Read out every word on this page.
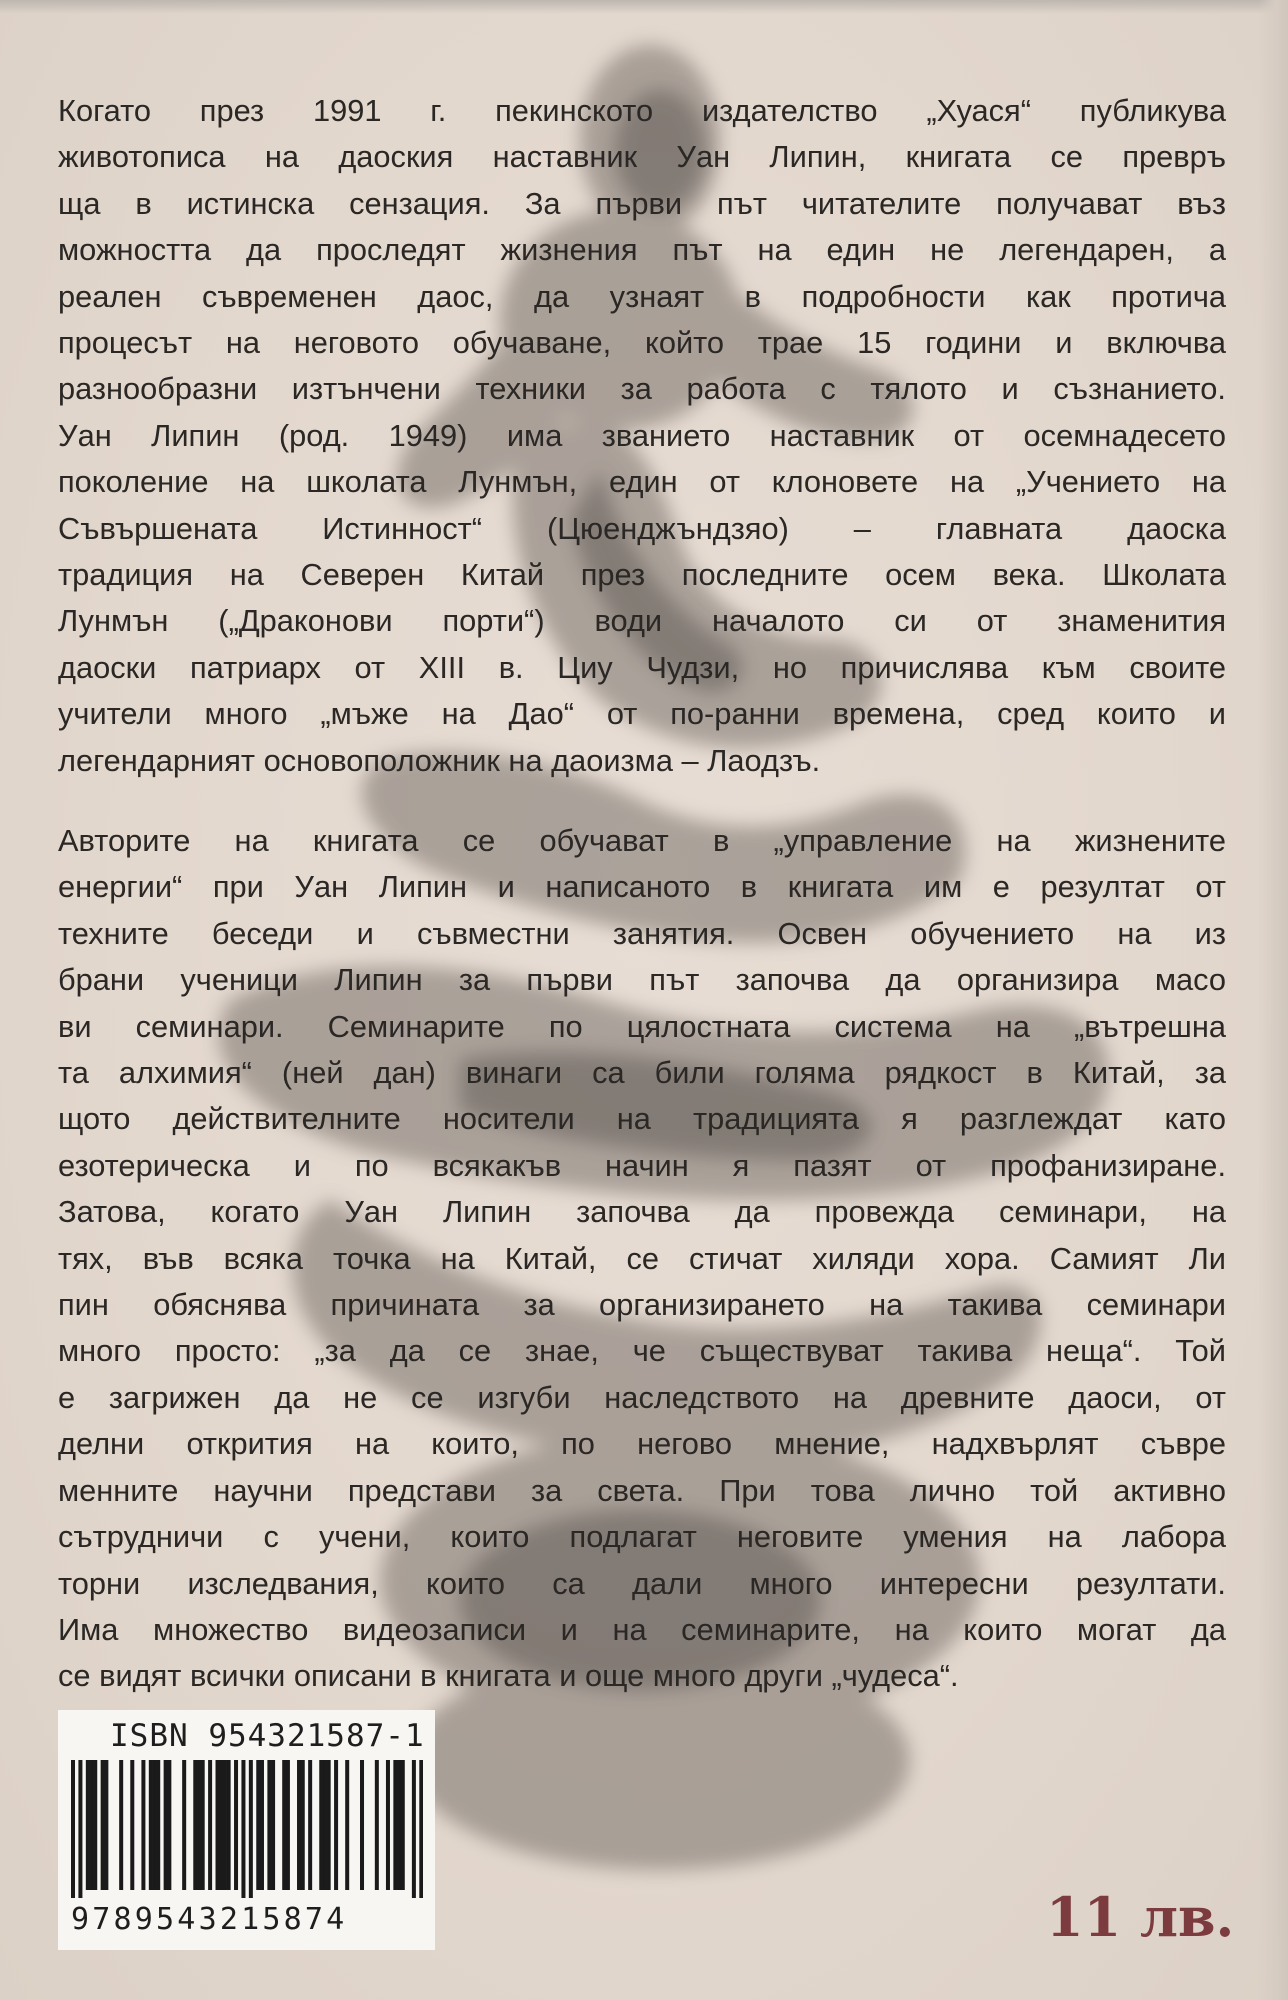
Когато през 1991 г. пекинското издателство „Хуася“ публикува
животописа на даоския наставник Уан Липин, книгата се превръ
ща в истинска сензация. За първи път читателите получават въз
можността да проследят жизнения път на един не легендарен, а
реален съвременен даос, да узнаят в подробности как протича
процесът на неговото обучаване, който трае 15 години и включва
разнообразни изтънчени техники за работа с тялото и съзнанието.
Уан Липин (род. 1949) има званието наставник от осемнадесето
поколение на школата Лунмън, един от клоновете на „Учението на
Съвършената Истинност“ (Цюенджъндзяо) – главната даоска
традиция на Северен Китай през последните осем века. Школата
Лунмън („Драконови порти“) води началото си от знаменития
даоски патриарх от XIII в. Циу Чудзи, но причислява към своите
учители много „мъже на Дао“ от по-ранни времена, сред които и
легендарният основоположник на даоизма – Лаодзъ.
Авторите на книгата се обучават в „управление на жизнените
енергии“ при Уан Липин и написаното в книгата им е резултат от
техните беседи и съвместни занятия. Освен обучението на из
брани ученици Липин за първи път започва да организира масо
ви семинари. Семинарите по цялостната система на „вътрешна
та алхимия“ (ней дан) винаги са били голяма рядкост в Китай, за
щото действителните носители на традицията я разглеждат като
езотерическа и по всякакъв начин я пазят от профанизиране.
Затова, когато Уан Липин започва да провежда семинари, на
тях, във всяка точка на Китай, се стичат хиляди хора. Самият Ли
пин обяснява причината за организирането на такива семинари
много просто: „за да се знае, че съществуват такива неща“. Той
е загрижен да не се изгуби наследството на древните даоси, от
делни открития на които, по негово мнение, надхвърлят съвре
менните научни представи за света. При това лично той активно
сътрудничи с учени, които подлагат неговите умения на лабора
торни изследвания, които са дали много интересни резултати.
Има множество видеозаписи и на семинарите, на които могат да
се видят всички описани в книгата и още много други „чудеса“.
ISBN 954321587-1
9789543215874	11 лв.
